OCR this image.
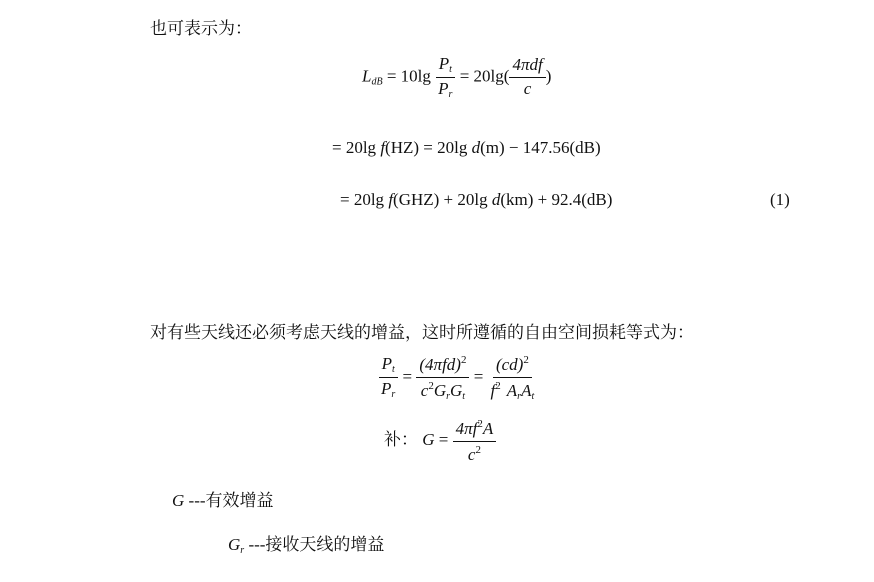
也可表示为：
$L_{dB} = 10\lg \frac{P_t}{P_r} = 20\lg( \frac{\text{4πdf}}{c}$ )
= 20lg f(HZ) = 20lg d(m) − 147.56(dB)
= 20lg f(GHZ) + 20lg d(km) + 92.4(dB)	(1)
对有些天线还必须考虑天线的增益，这时所遵循的自由空间损耗等式为：
$\frac{P_t}{P_r} = \frac{(4\pi fd)^2}{c^2G_rG_t} = \frac{(cd)^2}{f^2 A_rA_t}$
补： $G = \frac{4\pi f^2A}{c^2}$
G ---有效增益
$G_r$ ---接收天线的增益
